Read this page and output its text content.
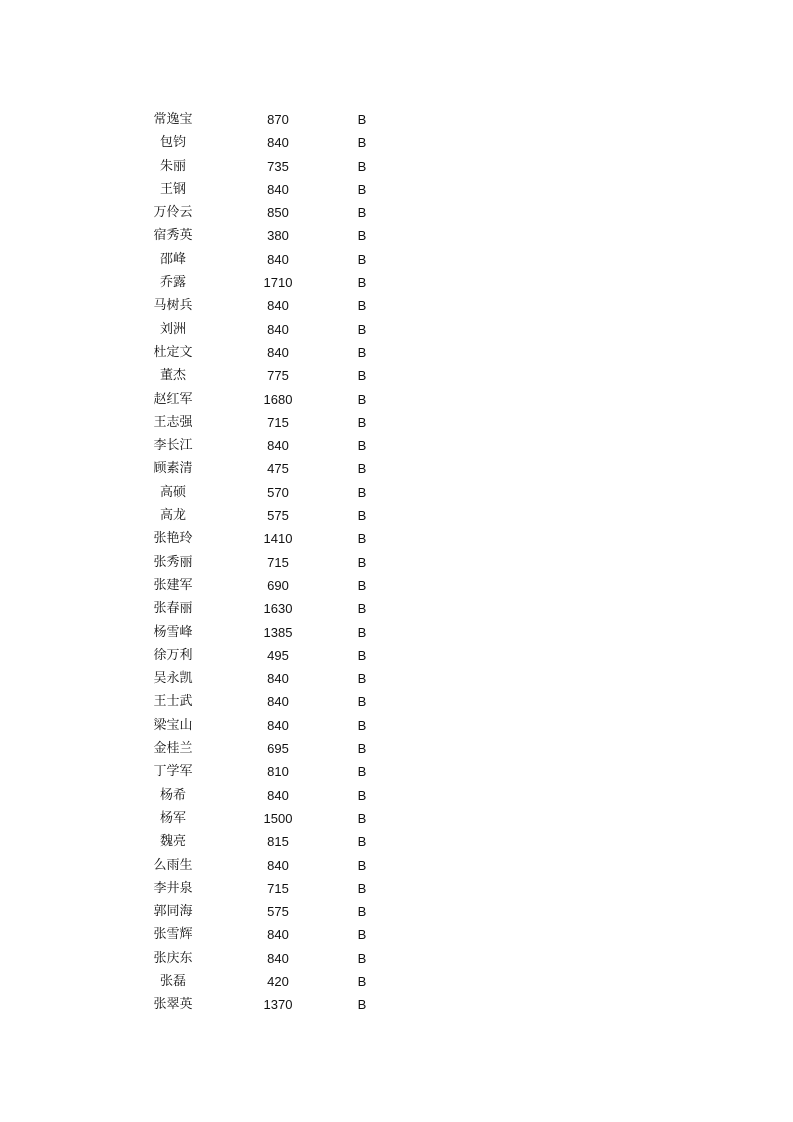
常逸宝	870	B
包钧	840	B
朱丽	735	B
王钢	840	B
万伶云	850	B
宿秀英	380	B
邵峰	840	B
乔露	1710	B
马树兵	840	B
刘洲	840	B
杜定文	840	B
董杰	775	B
赵红军	1680	B
王志强	715	B
李长江	840	B
顾素清	475	B
高硕	570	B
高龙	575	B
张艳玲	1410	B
张秀丽	715	B
张建军	690	B
张春丽	1630	B
杨雪峰	1385	B
徐万利	495	B
吴永凯	840	B
王士武	840	B
梁宝山	840	B
金桂兰	695	B
丁学军	810	B
杨希	840	B
杨军	1500	B
魏亮	815	B
么雨生	840	B
李井泉	715	B
郭同海	575	B
张雪辉	840	B
张庆东	840	B
张磊	420	B
张翠英	1370	B
